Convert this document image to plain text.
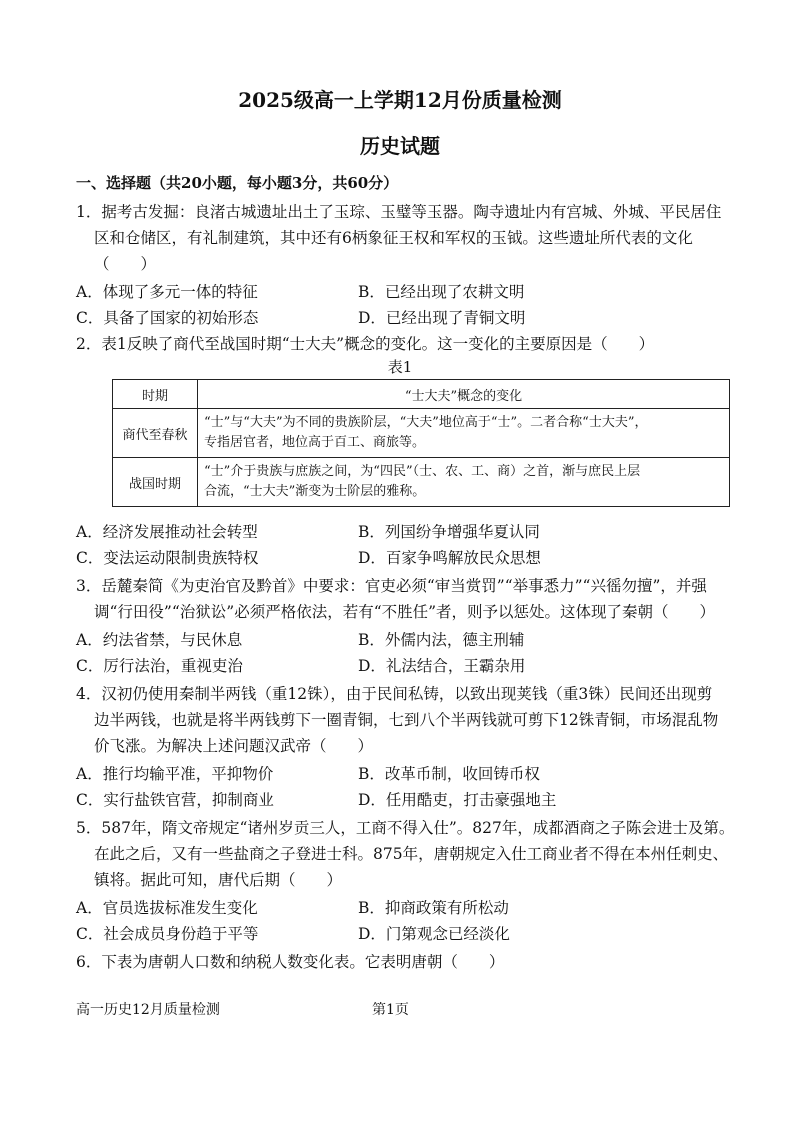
2025级高一上学期12月份质量检测
历史试题
一、选择题（共20小题，每小题3分，共60分）
1．据考古发掘：良渚古城遗址出土了玉琮、玉璧等玉器。陶寺遗址内有宫城、外城、平民居住
区和仓储区，有礼制建筑，其中还有6柄象征王权和军权的玉钺。这些遗址所代表的文化
（　　）
A．体现了多元一体的特征	B．已经出现了农耕文明
C．具备了国家的初始形态	D．已经出现了青铜文明
2．表1反映了商代至战国时期“士大夫”概念的变化。这一变化的主要原因是（　　）
表1
时期	“士大夫”概念的变化
商代至春秋	“士”与“大夫”为不同的贵族阶层，“大夫”地位高于“士”。二者合称“士大夫”，
专指居官者，地位高于百工、商旅等。

战国时期	“士”介于贵族与庶族之间，为“四民”（士、农、工、商）之首，渐与庶民上层
合流，“士大夫”渐变为士阶层的雅称。
A．经济发展推动社会转型	B．列国纷争增强华夏认同
C．变法运动限制贵族特权	D．百家争鸣解放民众思想
3．岳麓秦简《为吏治官及黔首》中要求：官吏必须“审当赏罚”“举事悉力”“兴徭勿擅”，并强
调“行田役”“治狱讼”必须严格依法，若有“不胜任”者，则予以惩处。这体现了秦朝（　　）
A．约法省禁，与民休息	B．外儒内法，德主刑辅
C．厉行法治，重视吏治	D．礼法结合，王霸杂用
4．汉初仍使用秦制半两钱（重12铢），由于民间私铸，以致出现荚钱（重3铢）民间还出现剪
边半两钱，也就是将半两钱剪下一圈青铜，七到八个半两钱就可剪下12铢青铜，市场混乱物
价飞涨。为解决上述问题汉武帝（　　）
A．推行均输平准，平抑物价	B．改革币制，收回铸币权
C．实行盐铁官营，抑制商业	D．任用酷吏，打击豪强地主
5．587年，隋文帝规定“诸州岁贡三人，工商不得入仕”。827年，成都酒商之子陈会进士及第。
在此之后，又有一些盐商之子登进士科。875年，唐朝规定入仕工商业者不得在本州任刺史、
镇将。据此可知，唐代后期（　　）
A．官员选拔标准发生变化	B．抑商政策有所松动
C．社会成员身份趋于平等	D．门第观念已经淡化
6．下表为唐朝人口数和纳税人数变化表。它表明唐朝（　　）
高一历史12月质量检测	第1页
